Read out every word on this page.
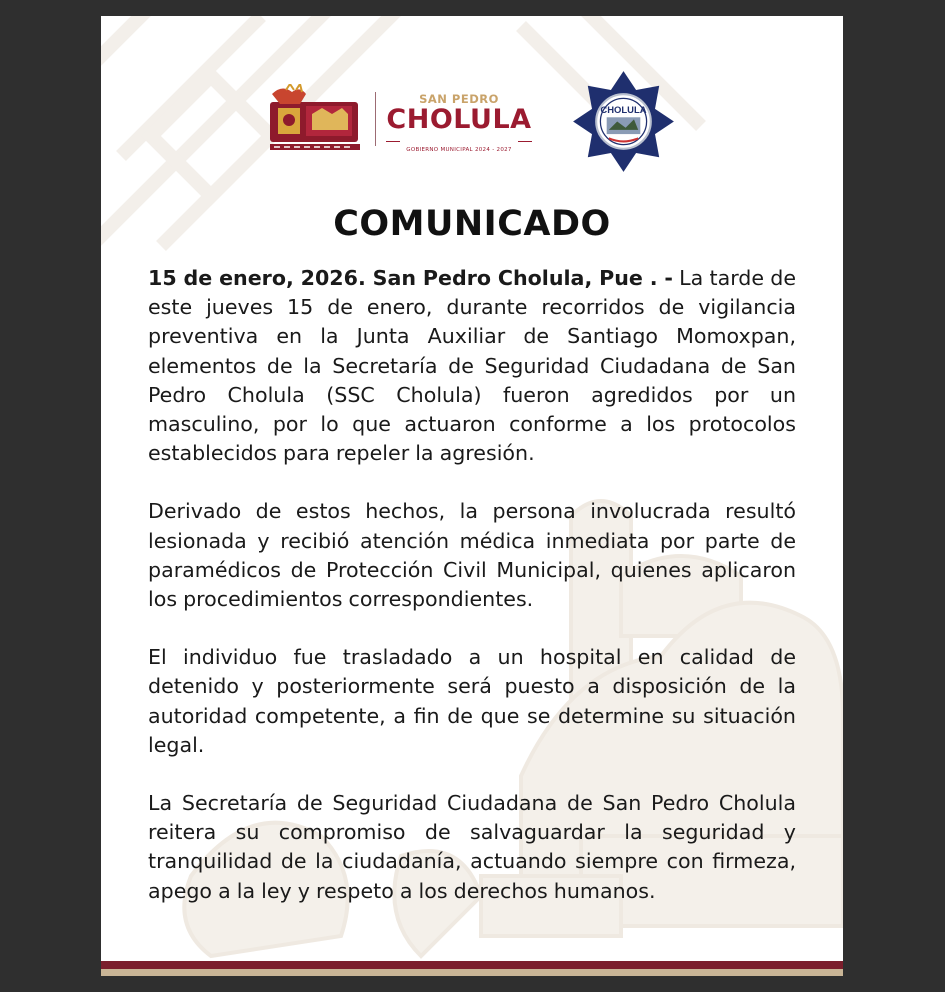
SAN PEDRO
CHOLULA
GOBIERNO MUNICIPAL 2024 - 2027
CHOLULA
COMUNICADO

15 de enero, 2026. San Pedro Cholula, Pue . - La tarde de este jueves 15 de enero, durante recorridos de vigilancia preventiva en la Junta Auxiliar de Santiago Momoxpan, elementos de la Secretaría de Seguridad Ciudadana de San Pedro Cholula (SSC Cholula) fueron agredidos por un masculino, por lo que actuaron conforme a los protocolos establecidos para repeler la agresión.

Derivado de estos hechos, la persona involucrada resultó lesionada y recibió atención médica inmediata por parte de paramédicos de Protección Civil Municipal, quienes aplicaron los procedimientos correspondientes.

El individuo fue trasladado a un hospital en calidad de detenido y posteriormente será puesto a disposición de la autoridad competente, a fin de que se determine su situación legal.

La Secretaría de Seguridad Ciudadana de San Pedro Cholula reitera su compromiso de salvaguardar la seguridad y tranquilidad de la ciudadanía, actuando siempre con firmeza, apego a la ley y respeto a los derechos humanos.
